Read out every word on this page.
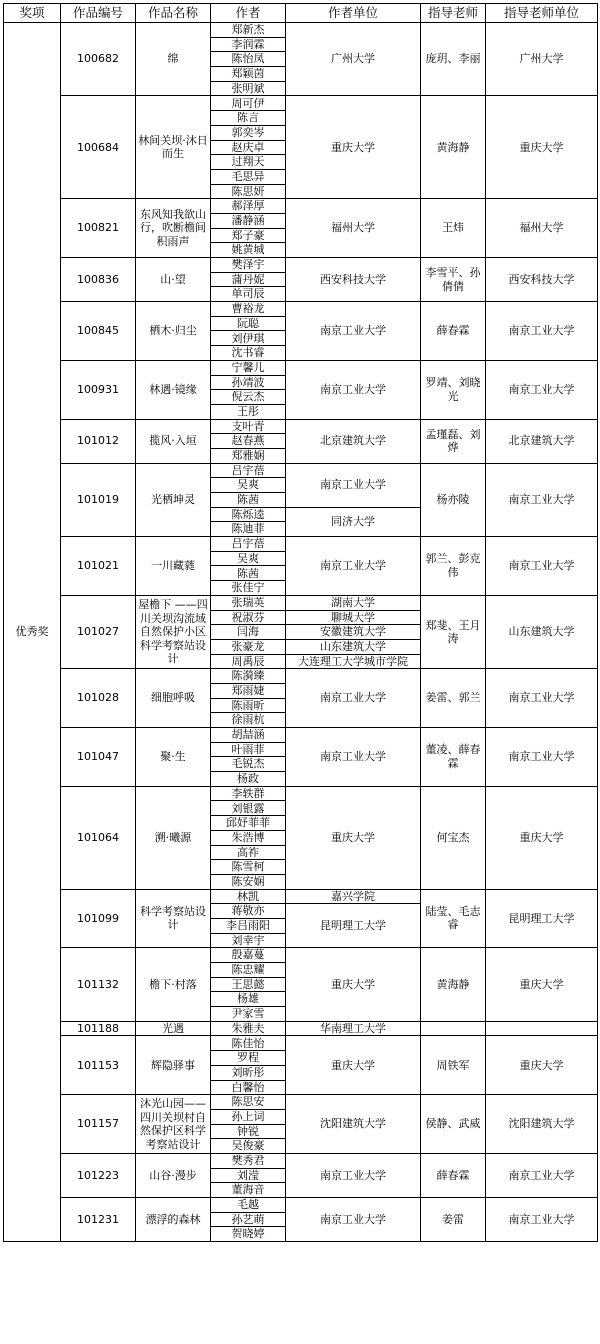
奖项	作品编号	作品名称	作者	作者单位	指导老师	指导老师单位
优秀奖	100682	绵	郑新杰	广州大学	庞玥、李丽	广州大学
			李润霖			
			陈怡凤			
			郑颖茵			
			张明斌			
	100684	林间关坝·沐日而生	周可伊	重庆大学	黄海静	重庆大学
			陈言			
			郭奕岑			
			赵庆卓			
			过翔天			
			毛思异			
			陈思妍			
	100821	东风知我欲山行，吹断檐间积雨声	郝泽厚	福州大学	王炜	福州大学
			潘静涵			
			郑子豪			
			姚黄城			
	100836	山·望	樊泽宇	西安科技大学	李雪平、孙倩倩	西安科技大学
			蒲丹妮			
			单司辰			
	100845	栖木·归尘	曹裕龙	南京工业大学	薛春霖	南京工业大学
			阮聪			
			刘伊琪			
			沈书睿			
	100931	林遇·镜缘	宁馨儿	南京工业大学	罗靖、刘晓光	南京工业大学
			孙靖波			
			倪云杰			
			王彤			
	101012	揽风·入垣	支叶青	北京建筑大学	孟瑾磊、刘烨	北京建筑大学
			赵春燕			
			郑雅娴			
	101019	光栖坤灵	吕宇蓓	南京工业大学	杨亦陵	南京工业大学
			吴爽			
			陈茜			
			陈烁逵	同济大学		
			陈迪菲			
	101021	一川藏蕤	吕宇蓓	南京工业大学	郭兰、彭克伟	南京工业大学
			吴爽			
			陈茜			
			张佳宁			
	101027	屋檐下 ——四川关坝沟流域自然保护小区科学考察站设计	张瑞英	湖南大学	郑斐、王月涛	山东建筑大学
			祝淑芬	聊城大学		
			闫海	安徽建筑大学		
			张豪龙	山东建筑大学		
			周禹辰	大连理工大学城市学院		
	101028	细胞呼吸	陈漪臻	南京工业大学	姜雷、郭兰	南京工业大学
			郑雨婕			
			陈雨昕			
			徐雨杭			
	101047	聚·生	胡喆涵	南京工业大学	董凌、薛春霖	南京工业大学
			叶雨菲			
			毛锐杰			
			杨政			
	101064	溯·曦源	李轶群	重庆大学	何宝杰	重庆大学
			刘银露			
			邱妤菲菲			
			朱浩博			
			高祚			
			陈雪柯			
			陈安娴			
	101099	科学考察站设计	林凯	嘉兴学院	陆莹、毛志睿	昆明理工大学
			蒋敬亦	昆明理工大学		
			李吕雨阳			
			刘幸宇			
	101132	檐下·村落	殷嘉蔓	重庆大学	黄海静	重庆大学
			陈忠耀			
			王思懿			
			杨雄			
			尹家雪			
	101188	光遇	朱雅夫	华南理工大学		
	101153	辉隐驿事	陈佳怡	重庆大学	周铁军	重庆大学
			罗程			
			刘昕彤			
			白馨怡			
	101157	沐光山园——四川关坝村自然保护区科学考察站设计	陈思安	沈阳建筑大学	侯静、武威	沈阳建筑大学
			孙上词			
			钟锐			
			吴俊豪			
	101223	山谷·漫步	樊秀君	南京工业大学	薛春霖	南京工业大学
			刘滢			
			董海音			
	101231	漂浮的森林	毛越	南京工业大学	姜雷	南京工业大学
			孙艺萌			
			贺晓婷			
